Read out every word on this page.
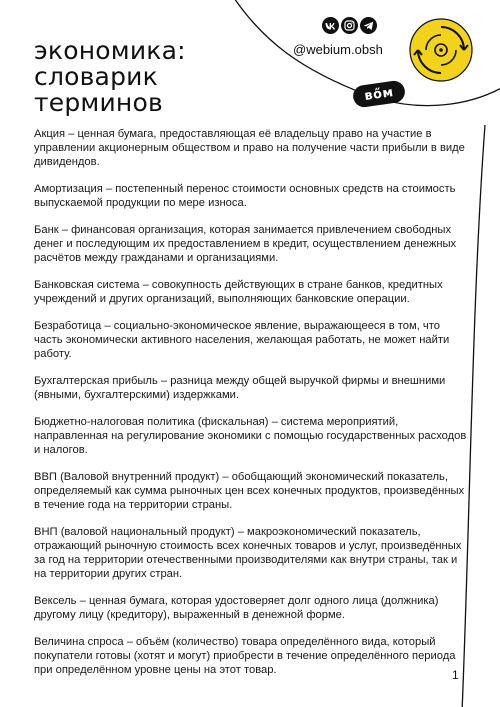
экономика:
словарик
терминов
@webium.obsh
вőм

Акция – ценная бумага, предоставляющая её владельцу право на участие в управлении акционерным обществом и право на получение части прибыли в виде дивидендов.

Амортизация – постепенный перенос стоимости основных средств на стоимость выпускаемой продукции по мере износа.

Банк – финансовая организация, которая занимается привлечением свободных денег и последующим их предоставлением в кредит, осуществлением денежных расчётов между гражданами и организациями.

Банковская система – совокупность действующих в стране банков, кредитных учреждений и других организаций, выполняющих банковские операции.

Безработица – социально-экономическое явление, выражающееся в том, что часть экономически активного населения, желающая работать, не может найти работу.

Бухгалтерская прибыль – разница между общей выручкой фирмы и внешними (явными, бухгалтерскими) издержками.

Бюджетно-налоговая политика (фискальная) – система мероприятий, направленная на регулирование экономики с помощью государственных расходов и налогов.

ВВП (Валовой внутренний продукт) – обобщающий экономический показатель, определяемый как сумма рыночных цен всех конечных продуктов, произведённых в течение года на территории страны.

ВНП (валовой национальный продукт) – макроэкономический показатель, отражающий рыночную стоимость всех конечных товаров и услуг, произведённых за год на территории отечественными производителями как внутри страны, так и на территории других стран.

Вексель – ценная бумага, которая удостоверяет долг одного лица (должника) другому лицу (кредитору), выраженный в денежной форме.

Величина спроса – объём (количество) товара определённого вида, который покупатели готовы (хотят и могут) приобрести в течение определённого периода при определённом уровне цены на этот товар.	1
